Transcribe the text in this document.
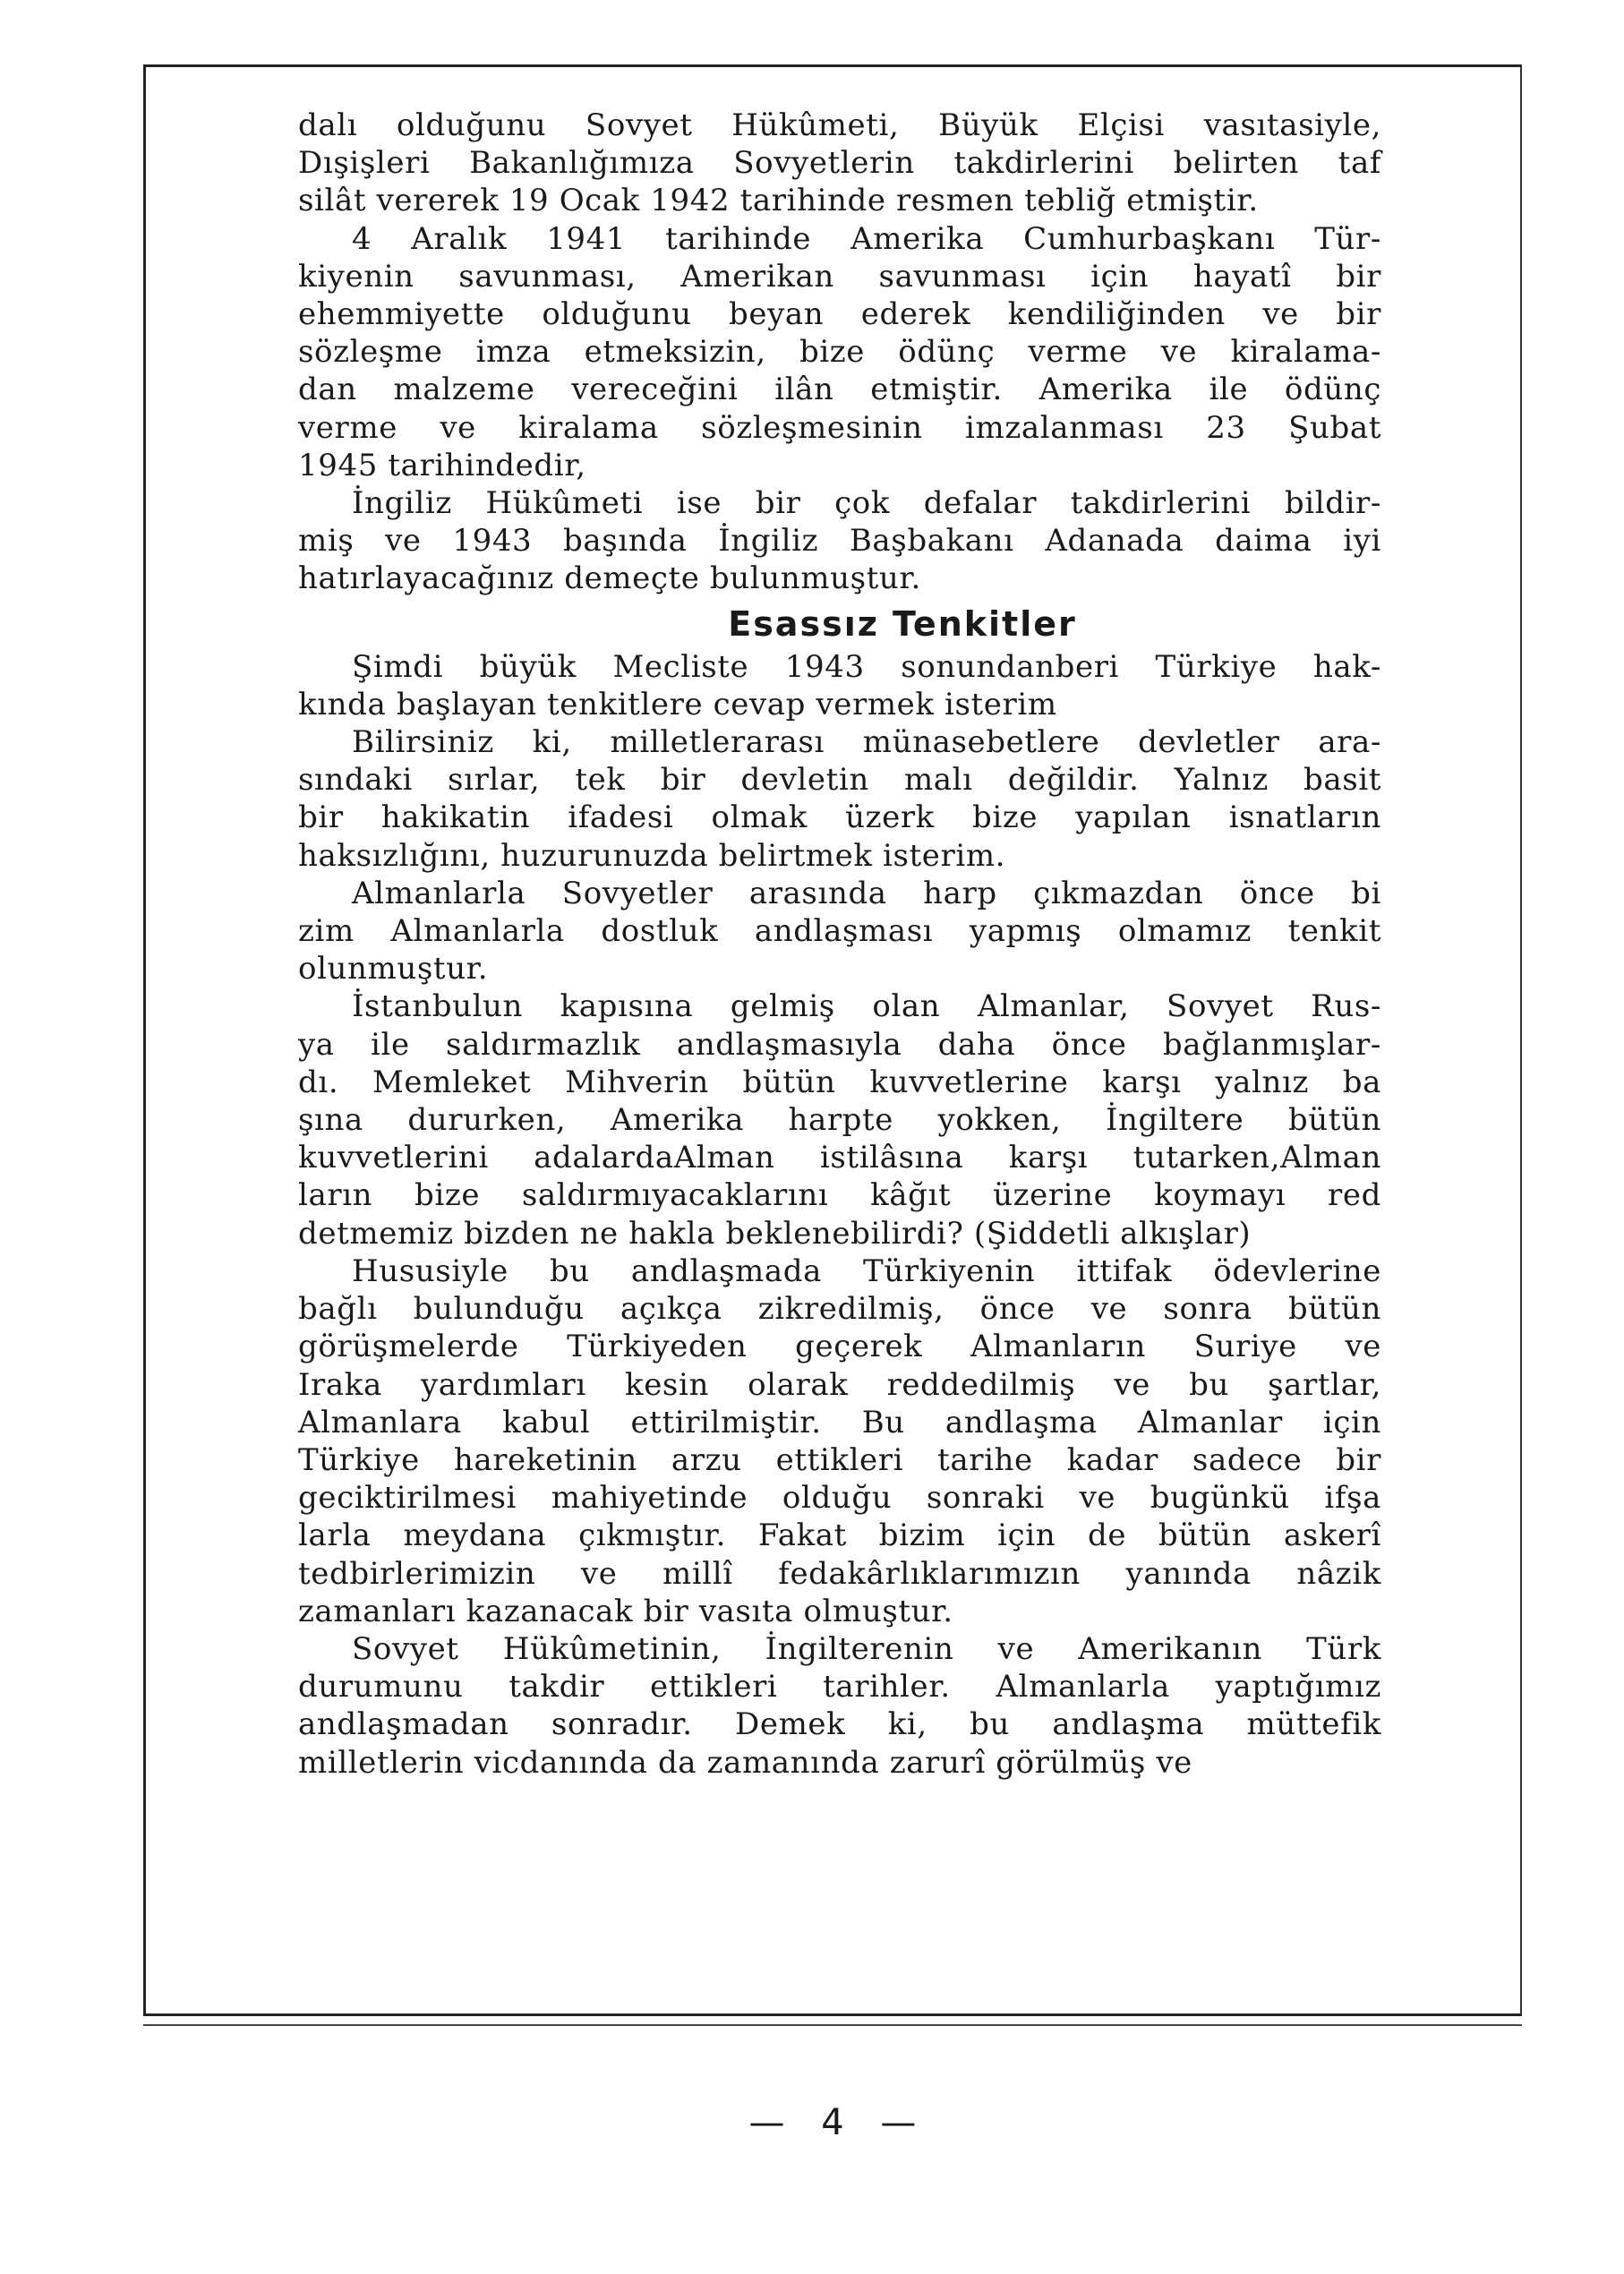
dalı olduğunu Sovyet Hükûmeti, Büyük Elçisi vasıtasiyle,
Dışişleri Bakanlığımıza Sovyetlerin takdirlerini belirten taf
silât vererek 19 Ocak 1942 tarihinde resmen tebliğ etmiştir.

4 Aralık 1941 tarihinde Amerika Cumhurbaşkanı Tür-
kiyenin savunması, Amerikan savunması için hayatî bir
ehemmiyette olduğunu beyan ederek kendiliğinden ve bir
sözleşme imza etmeksizin, bize ödünç verme ve kiralama-
dan malzeme vereceğini ilân etmiştir. Amerika ile ödünç
verme ve kiralama sözleşmesinin imzalanması 23 Şubat
1945 tarihindedir,

İngiliz Hükûmeti ise bir çok defalar takdirlerini bildir-
miş ve 1943 başında İngiliz Başbakanı Adanada daima iyi
hatırlayacağınız demeçte bulunmuştur.

Esassız Tenkitler

Şimdi büyük Mecliste 1943 sonundanberi Türkiye hak-
kında başlayan tenkitlere cevap vermek isterim

Bilirsiniz ki, milletlerarası münasebetlere devletler ara-
sındaki sırlar, tek bir devletin malı değildir. Yalnız basit
bir hakikatin ifadesi olmak üzerk bize yapılan isnatların
haksızlığını, huzurunuzda belirtmek isterim.

Almanlarla Sovyetler arasında harp çıkmazdan önce bi
zim Almanlarla dostluk andlaşması yapmış olmamız tenkit
olunmuştur.

İstanbulun kapısına gelmiş olan Almanlar, Sovyet Rus-
ya ile saldırmazlık andlaşmasıyla daha önce bağlanmışlar-
dı. Memleket Mihverin bütün kuvvetlerine karşı yalnız ba
şına dururken, Amerika harpte yokken, İngiltere bütün
kuvvetlerini adalardaAlman istilâsına karşı tutarken,Alman
ların bize saldırmıyacaklarını kâğıt üzerine koymayı red
detmemiz bizden ne hakla beklenebilirdi? (Şiddetli alkışlar)

Hususiyle bu andlaşmada Türkiyenin ittifak ödevlerine
bağlı bulunduğu açıkça zikredilmiş, önce ve sonra bütün
görüşmelerde Türkiyeden geçerek Almanların Suriye ve
Iraka yardımları kesin olarak reddedilmiş ve bu şartlar,
Almanlara kabul ettirilmiştir. Bu andlaşma Almanlar için
Türkiye hareketinin arzu ettikleri tarihe kadar sadece bir
geciktirilmesi mahiyetinde olduğu sonraki ve bugünkü ifşa
larla meydana çıkmıştır. Fakat bizim için de bütün askerî
tedbirlerimizin ve millî fedakârlıklarımızın yanında nâzik
zamanları kazanacak bir vasıta olmuştur.

Sovyet Hükûmetinin, İngilterenin ve Amerikanın Türk
durumunu takdir ettikleri tarihler. Almanlarla yaptığımız
andlaşmadan sonradır. Demek ki, bu andlaşma müttefik
milletlerin vicdanında da zamanında zarurî görülmüş ve

— 4 —
